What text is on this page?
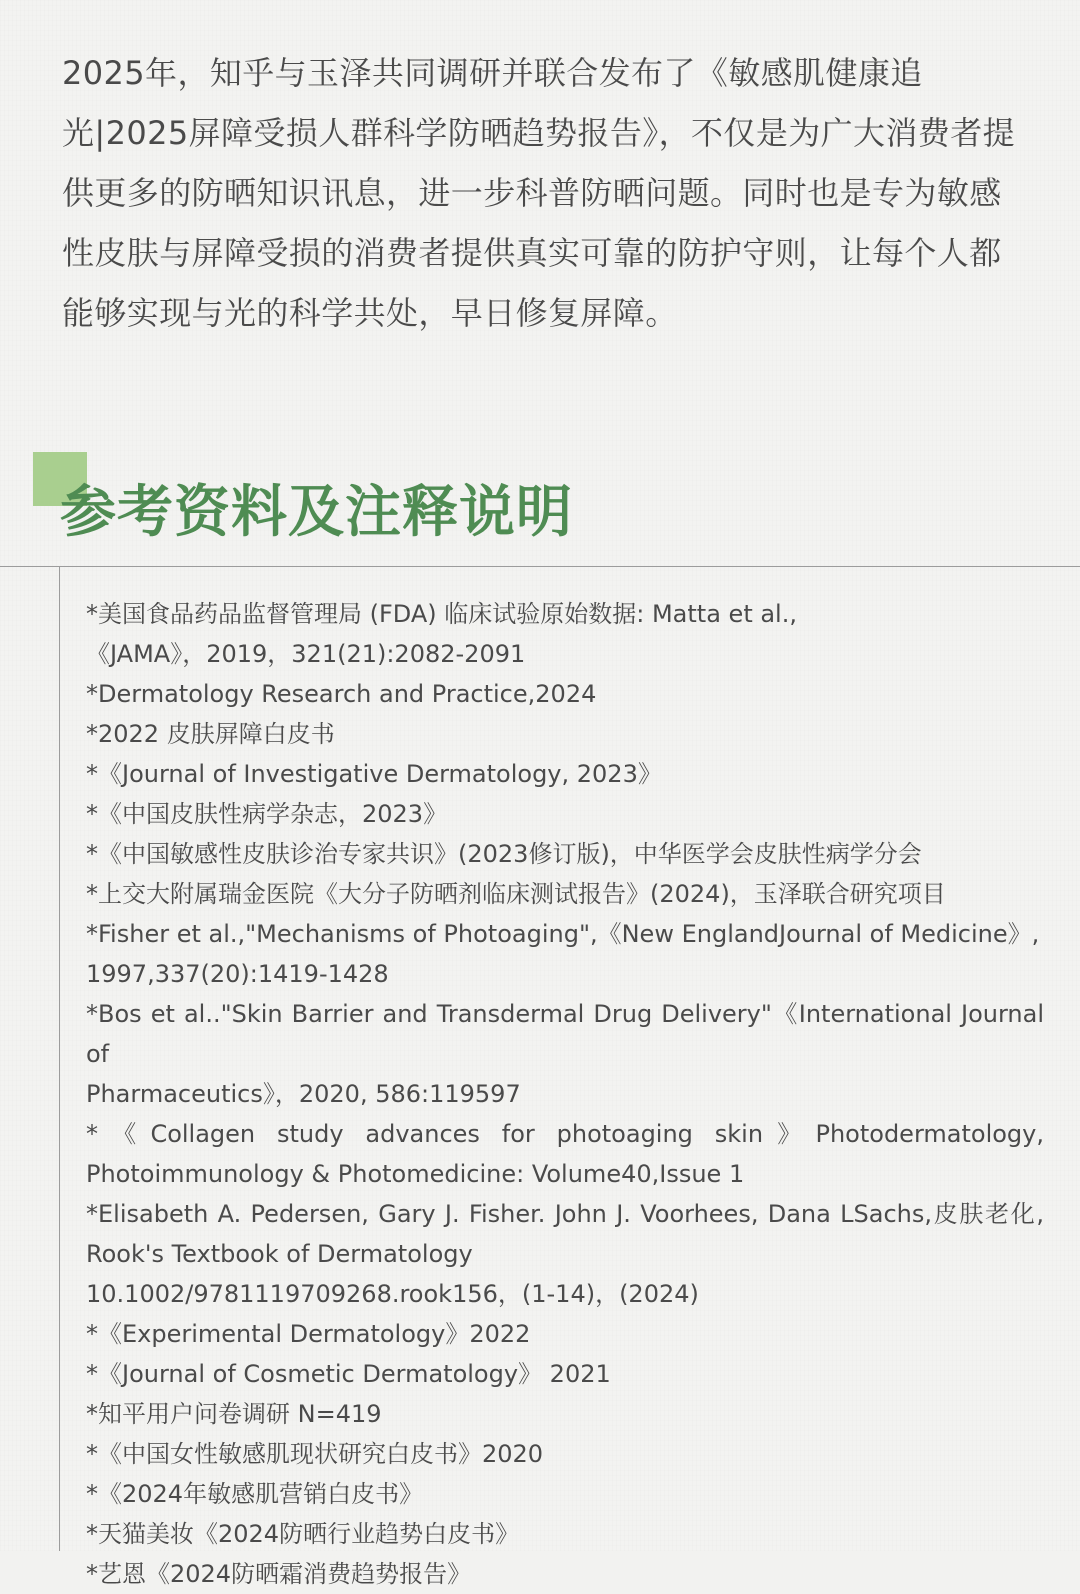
2025年，知乎与玉泽共同调研并联合发布了《敏感肌健康追光|2025屏障受损人群科学防晒趋势报告》，不仅是为广大消费者提供更多的防晒知识讯息，进一步科普防晒问题。同时也是专为敏感性皮肤与屏障受损的消费者提供真实可靠的防护守则，让每个人都能够实现与光的科学共处，早日修复屏障。

参考资料及注释说明
*美国食品药品监督管理局 (FDA) 临床试验原始数据: Matta et al.,
《JAMA》，2019，321(21):2082-2091
*Dermatology Research and Practice,2024
*2022 皮肤屏障白皮书
*《Journal of Investigative Dermatology, 2023》
*《中国皮肤性病学杂志，2023》
*《中国敏感性皮肤诊治专家共识》(2023修订版)，中华医学会皮肤性病学分会
*上交大附属瑞金医院《大分子防晒剂临床测试报告》(2024)，玉泽联合研究项目
*Fisher et al.,"Mechanisms of Photoaging",《New EnglandJournal of Medicine》,
1997,337(20):1419-1428
*Bos et al.."Skin Barrier and Transdermal Drug Delivery"《International Journal of
Pharmaceutics》，2020, 586:119597
*《Collagen study advances for photoaging skin》Photodermatology,
Photoimmunology & Photomedicine: Volume40,Issue 1
*Elisabeth A. Pedersen, Gary J. Fisher. John J. Voorhees, Dana LSachs,皮肤老化,
Rook's Textbook of Dermatology
10.1002/9781119709268.rook156，(1-14)，(2024)
*《Experimental Dermatology》2022
*《Journal of Cosmetic Dermatology》 2021
*知平用户问卷调研 N=419
*《中国女性敏感肌现状研究白皮书》2020
*《2024年敏感肌营销白皮书》
*天猫美妆《2024防晒行业趋势白皮书》
*艺恩《2024防晒霜消费趋势报告》
